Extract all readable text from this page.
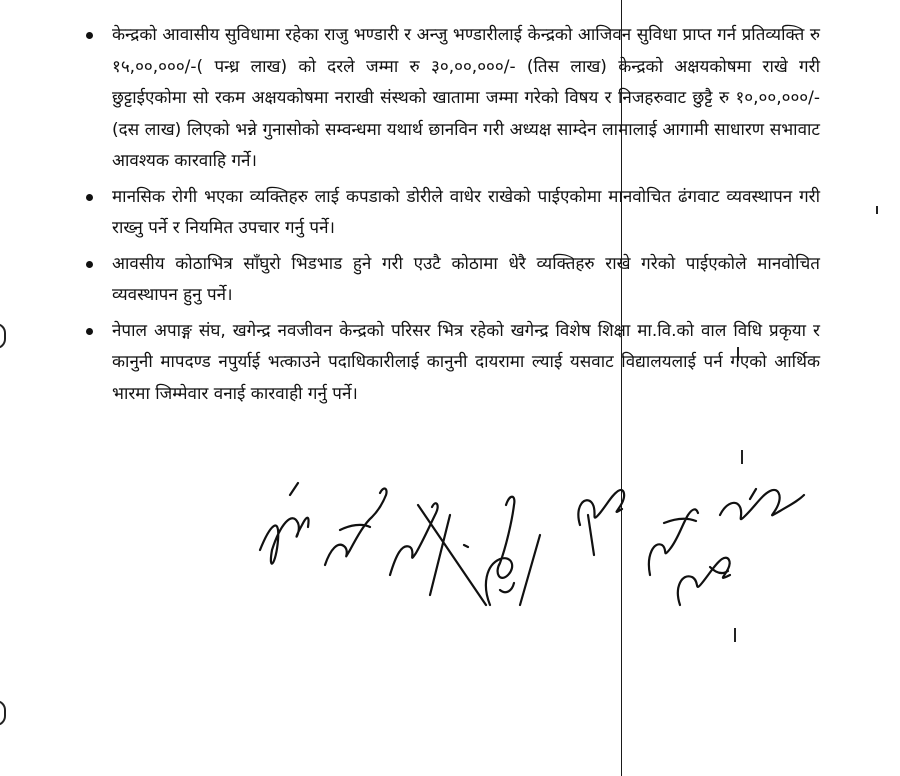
केन्द्रको आवासीय सुविधामा रहेका राजु भण्डारी र अन्जु भण्डारीलाई केन्द्रको आजिवन सुविधा प्राप्त गर्न प्रतिव्यक्ति रु १५,००,०००/-( पन्ध्र लाख) को दरले जम्मा रु ३०,००,०००/- (तिस लाख) केन्द्रको अक्षयकोषमा राखे गरी छुट्टाईएकोमा सो रकम अक्षयकोषमा नराखी संस्थको खातामा जम्मा गरेको विषय र निजहरुवाट छुट्टै रु १०,००,०००/- (दस लाख) लिएको भन्ने गुनासोको सम्वन्धमा यथार्थ छानविन गरी अध्यक्ष साम्देन लामालाई आगामी साधारण सभावाट आवश्यक कारवाहि गर्ने।
मानसिक रोगी भएका व्यक्तिहरु लाई कपडाको डोरीले वाधेर राखेको पाईएकोमा मानवोचित ढंगवाट व्यवस्थापन गरी राख्नु पर्ने र नियमित उपचार गर्नु पर्ने।
आवसीय कोठाभित्र साँघुरो भिडभाड हुने गरी एउटै कोठामा धेरै व्यक्तिहरु राखे गरेको पाईएकोले मानवोचित व्यवस्थापन हुनु पर्ने।
नेपाल अपाङ्ग संघ, खगेन्द्र नवजीवन केन्द्रको परिसर भित्र रहेको खगेन्द्र विशेष शिक्षा मा.वि.को वाल विधि प्रकृया र कानुनी मापदण्ड नपुर्याई भत्काउने पदाधिकारीलाई कानुनी दायरामा ल्याई यसवाट विद्यालयलाई पर्न गएको आर्थिक भारमा जिम्मेवार वनाई कारवाही गर्नु पर्ने।
